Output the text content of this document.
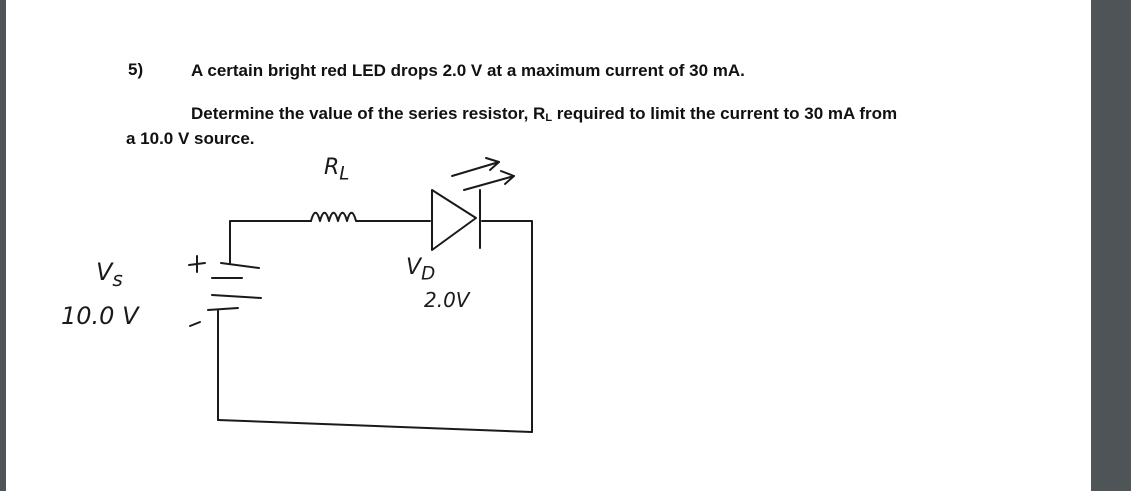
5)	A certain bright red LED drops 2.0 V at a maximum current of 30 mA.
Determine the value of the series resistor, RL required to limit the current to 30 mA from
a 10.0 V source.
$V_s$
10.0 V
$R_L$
$V_D$
2.0V
